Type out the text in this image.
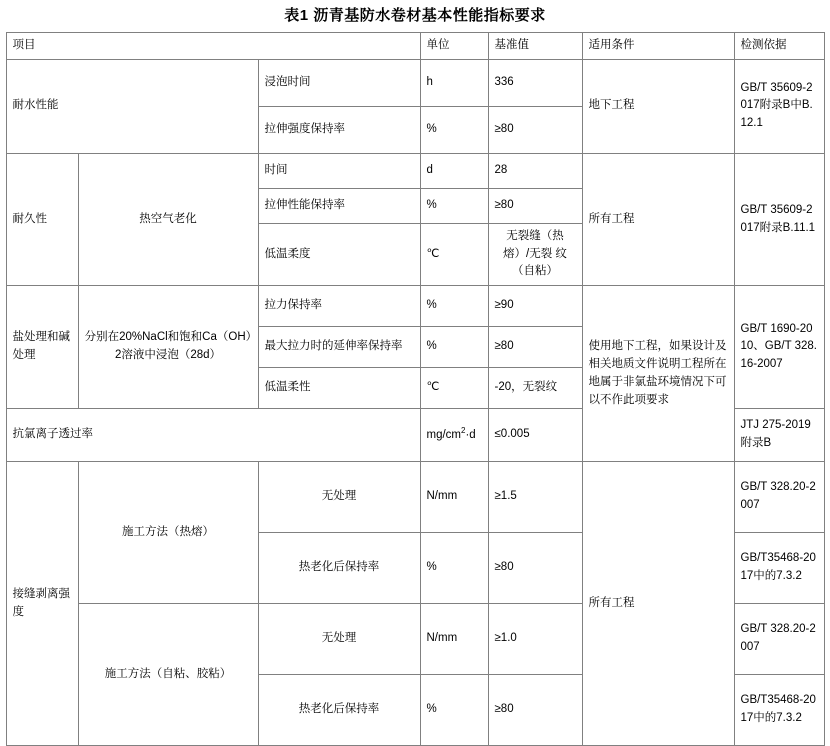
表1 沥青基防水卷材基本性能指标要求
项目			单位	基准值	适用条件	检测依据
耐水性能		浸泡时间	h	336	地下工程	GB/T 35609-2017附录B中B.12.1
		拉伸强度保持率	%	≥80		
耐久性	热空气老化	时间	d	28	所有工程	GB/T 35609-2017附录B.11.1
		拉伸性能保持率	%	≥80		
		低温柔度	℃	无裂缝（热熔）/无裂 纹（自粘）		
盐处理和碱处理	分别在20%NaCl和饱和Ca（OH）2溶液中浸泡（28d）	拉力保持率	%	≥90	使用地下工程，如果设计及相关地质文件说明工程所在地属于非氯盐环境情况下可以不作此项要求	GB/T 1690-2010、GB/T 328.16-2007
		最大拉力时的延伸率保持率	%	≥80		
		低温柔性	℃	-20，无裂纹		
抗氯离子透过率			$mg/cm^2\cdot d$	≤0.005		JTJ 275-2019附录B
接缝剥离强度	施工方法（热熔）	无处理	N/mm	≥1.5	所有工程	GB/T 328.20-2007
		热老化后保持率	%	≥80		GB/T35468-2017中的7.3.2
	施工方法（自粘、胶粘）	无处理	N/mm	≥1.0		GB/T 328.20-2007
		热老化后保持率	%	≥80		GB/T35468-2017中的7.3.2
